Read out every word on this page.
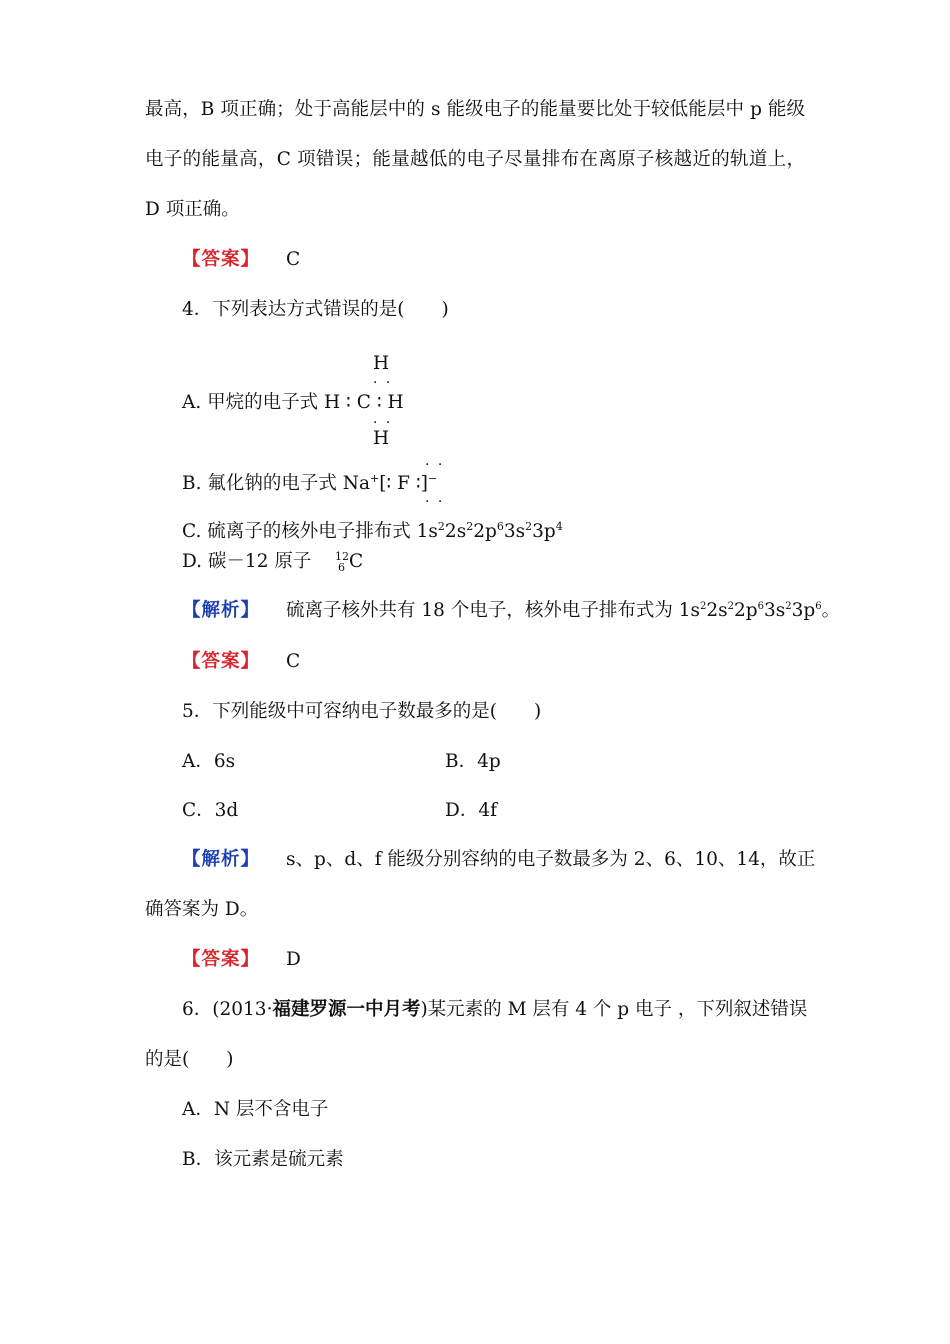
最高，B 项正确；处于高能层中的 s 能级电子的能量要比处于较低能层中 p 能级
电子的能量高，C 项错误；能量越低的电子尽量排布在离原子核越近的轨道上，
D 项正确。
【答案】 C
4．下列表达方式错误的是(　　)
H
· ·
A. 甲烷的电子式 H ∶ C ∶ H
· ·
H
· ·
B. 氟化钠的电子式 Na+[∶ F ∶]−
· ·
C. 硫离子的核外电子排布式 $1s^22s^22p^63s^23p^4$
D. 碳－12 原子 12
6 C
【解析】 硫离子核外共有 18 个电子，核外电子排布式为 $1s^22s^22p^63s^23p^6$。
【答案】 C
5．下列能级中可容纳电子数最多的是(　　)
A．6s	B．4p
C．3d	D．4f
【解析】 s、p、d、f 能级分别容纳的电子数最多为 2、6、10、14，故正
确答案为 D。
【答案】 D
6．(2013·福建罗源一中月考)某元素的 M 层有 4 个 p 电子 ，下列叙述错误
的是(　　)
A．N 层不含电子
B．该元素是硫元素
